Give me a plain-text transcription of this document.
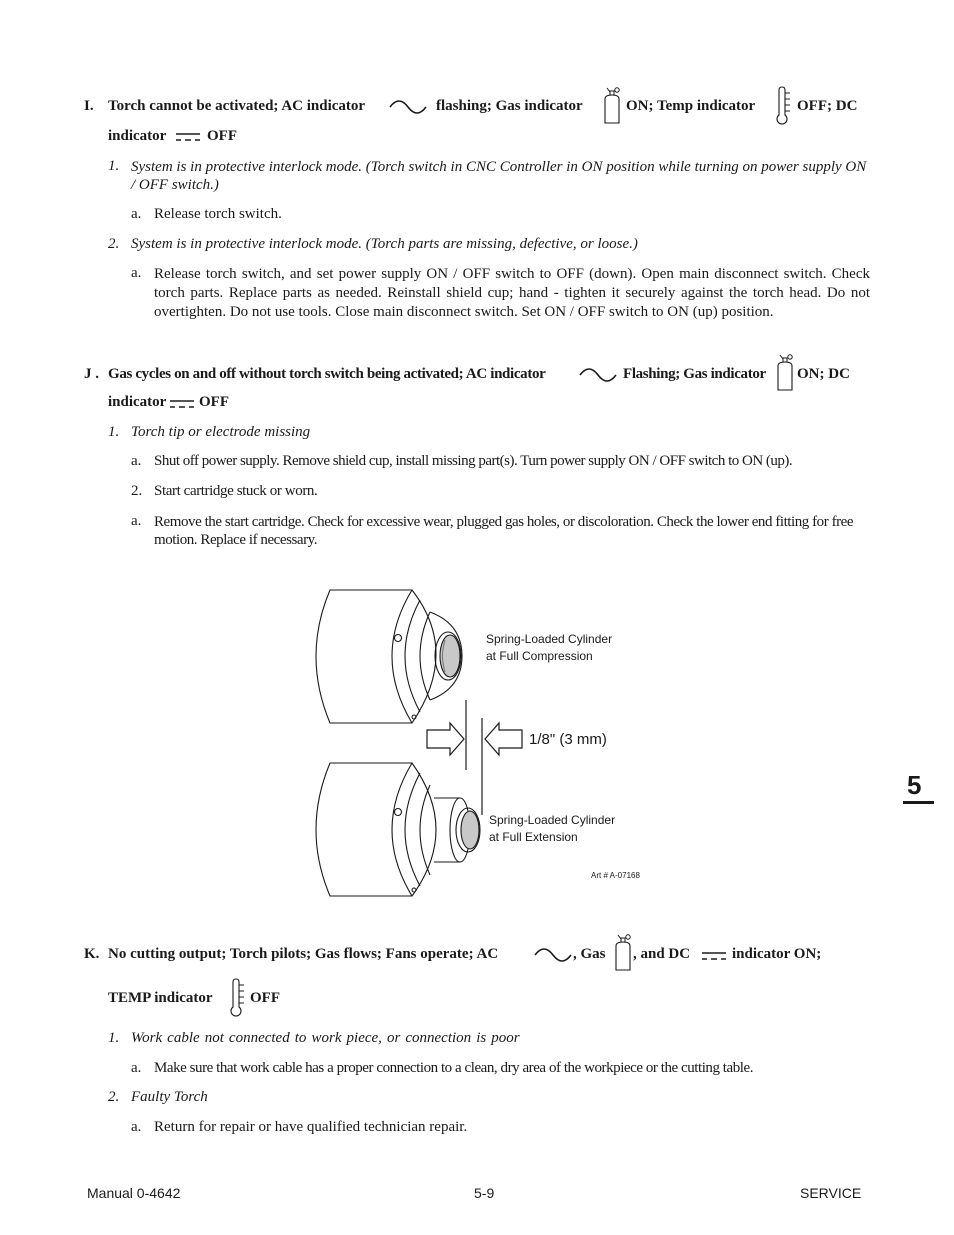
I. Torch cannot be activated; AC indicator	flashing; Gas indicator	ON; Temp indicator	OFF; DC
indicator	OFF
1. System is in protective interlock mode. (Torch switch in CNC Controller in ON position while turning on power supply ON / OFF switch.)
a. Release torch switch.
2. System is in protective interlock mode. (Torch parts are missing, defective, or loose.)
a. Release torch switch, and set power supply ON / OFF switch to OFF (down). Open main disconnect switch. Check torch parts. Replace parts as needed. Reinstall shield cup; hand - tighten it securely against the torch head. Do not overtighten. Do not use tools. Close main disconnect switch. Set ON / OFF switch to ON (up) position.
J . Gas cycles on and off without torch switch being activated; AC indicator	Flashing; Gas indicator ON; DC
indicator OFF
1. Torch tip or electrode missing
a. Shut off power supply. Remove shield cup, install missing part(s). Turn power supply ON / OFF switch to ON (up).
2. Start cartridge stuck or worn.
a. Remove the start cartridge. Check for excessive wear, plugged gas holes, or discoloration. Check the lower end fitting for free motion. Replace if necessary.
Spring-Loaded Cylinder
at Full Compression
1/8" (3 mm)
Spring-Loaded Cylinder
at Full Extension
Art # A-07168
K. No cutting output; Torch pilots; Gas flows; Fans operate; AC	, Gas , and DC	indicator ON;
TEMP indicator OFF
1. Work cable not connected to work piece, or connection is poor
a. Make sure that work cable has a proper connection to a clean, dry area of the workpiece or the cutting table.
2. Faulty Torch
a. Return for repair or have qualified technician repair.
5
Manual 0-4642	5-9	SERVICE
